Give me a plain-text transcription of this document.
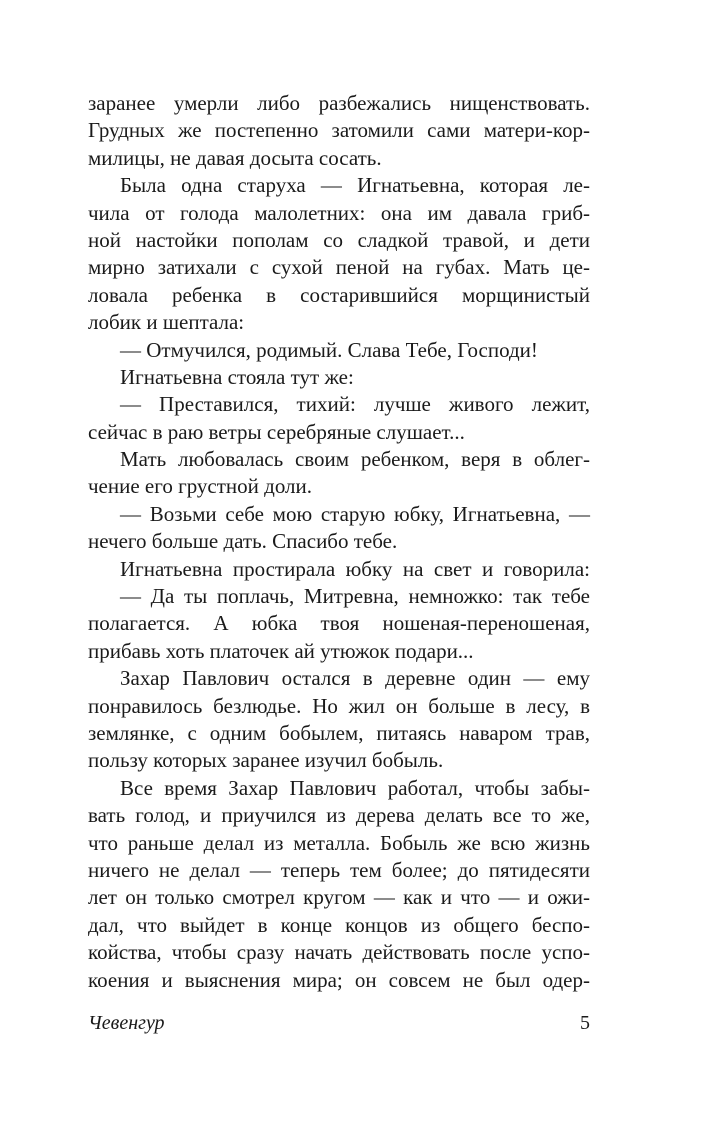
заранее умерли либо разбежались нищенствовать.
Грудных же постепенно затомили сами матери-кор-
милицы, не давая досыта сосать.
Была одна старуха — Игнатьевна, которая ле-
чила от голода малолетних: она им давала гриб-
ной настойки пополам со сладкой травой, и дети
мирно затихали с сухой пеной на губах. Мать це-
ловала ребенка в состарившийся морщинистый
лобик и шептала:
— Отмучился, родимый. Слава Тебе, Господи!
Игнатьевна стояла тут же:
— Преставился, тихий: лучше живого лежит,
сейчас в раю ветры серебряные слушает...
Мать любовалась своим ребенком, веря в облег-
чение его грустной доли.
— Возьми себе мою старую юбку, Игнатьевна, —
нечего больше дать. Спасибо тебе.
Игнатьевна простирала юбку на свет и говорила:
— Да ты поплачь, Митревна, немножко: так тебе
полагается. А юбка твоя ношеная-переношеная,
прибавь хоть платочек ай утюжок подари...
Захар Павлович остался в деревне один — ему
понравилось безлюдье. Но жил он больше в лесу, в
землянке, с одним бобылем, питаясь наваром трав,
пользу которых заранее изучил бобыль.
Все время Захар Павлович работал, чтобы забы-
вать голод, и приучился из дерева делать все то же,
что раньше делал из металла. Бобыль же всю жизнь
ничего не делал — теперь тем более; до пятидесяти
лет он только смотрел кругом — как и что — и ожи-
дал, что выйдет в конце концов из общего беспо-
койства, чтобы сразу начать действовать после успо-
коения и выяснения мира; он совсем не был одер-
Чевенгур	5
